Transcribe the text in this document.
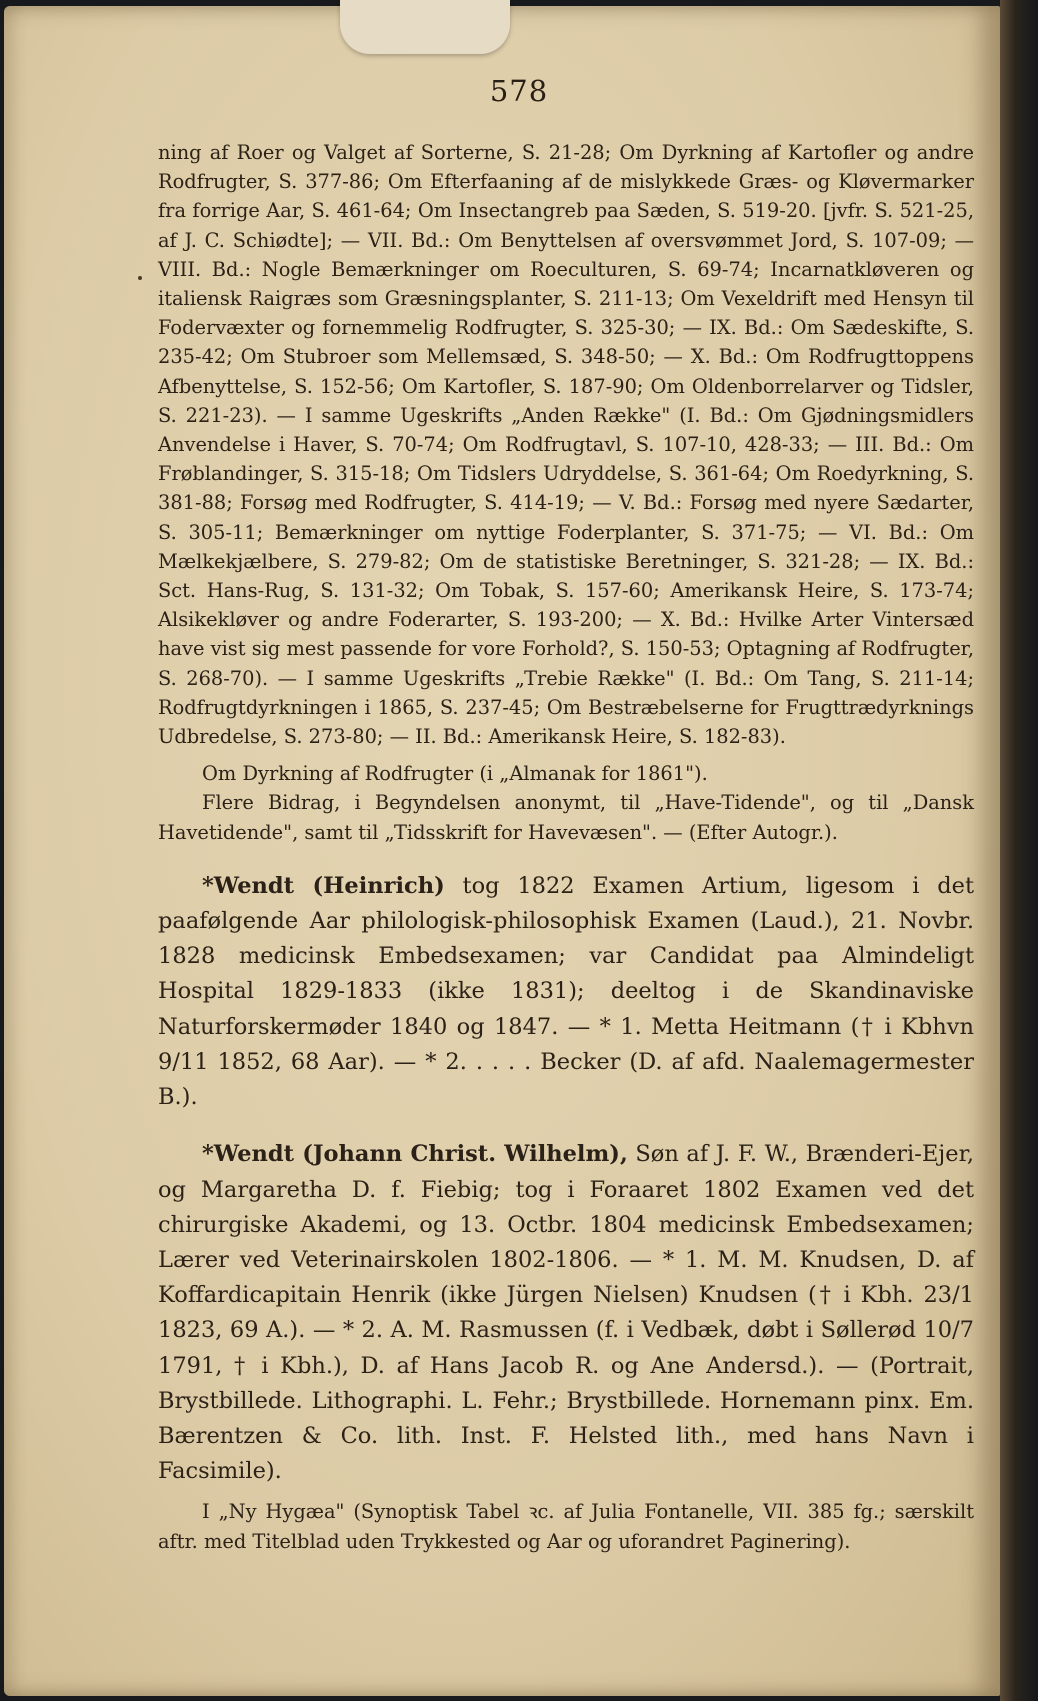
578

ning af Roer og Valget af Sorterne, S. 21-28; Om Dyrkning af Kartofler og andre Rodfrugter, S. 377-86; Om Efterfaaning af de mislykkede Græs- og Kløvermarker fra forrige Aar, S. 461-64; Om Insectangreb paa Sæden, S. 519-20. [jvfr. S. 521-25, af J. C. Schiødte]; — VII. Bd.: Om Benyttelsen af oversvømmet Jord, S. 107-09; — VIII. Bd.: Nogle Bemærkninger om Roeculturen, S. 69-74; Incarnatkløveren og italiensk Raigræs som Græsningsplanter, S. 211-13; Om Vexeldrift med Hensyn til Fodervæxter og fornemmelig Rodfrugter, S. 325-30; — IX. Bd.: Om Sædeskifte, S. 235-42; Om Stubroer som Mellemsæd, S. 348-50; — X. Bd.: Om Rodfrugttoppens Afbenyttelse, S. 152-56; Om Kartofler, S. 187-90; Om Oldenborrelarver og Tidsler, S. 221-23). — I samme Ugeskrifts „Anden Række" (I. Bd.: Om Gjødningsmidlers Anvendelse i Haver, S. 70-74; Om Rodfrugtavl, S. 107-10, 428-33; — III. Bd.: Om Frøblandinger, S. 315-18; Om Tidslers Udryddelse, S. 361-64; Om Roedyrkning, S. 381-88; Forsøg med Rodfrugter, S. 414-19; — V. Bd.: Forsøg med nyere Sædarter, S. 305-11; Bemærkninger om nyttige Foderplanter, S. 371-75; — VI. Bd.: Om Mælkekjælbere, S. 279-82; Om de statistiske Beretninger, S. 321-28; — IX. Bd.: Sct. Hans-Rug, S. 131-32; Om Tobak, S. 157-60; Amerikansk Heire, S. 173-74; Alsikekløver og andre Foderarter, S. 193-200; — X. Bd.: Hvilke Arter Vintersæd have vist sig mest passende for vore Forhold?, S. 150-53; Optagning af Rodfrugter, S. 268-70). — I samme Ugeskrifts „Trebie Række" (I. Bd.: Om Tang, S. 211-14; Rodfrugtdyrkningen i 1865, S. 237-45; Om Bestræbelserne for Frugttrædyrknings Udbredelse, S. 273-80; — II. Bd.: Amerikansk Heire, S. 182-83).

Om Dyrkning af Rodfrugter (i „Almanak for 1861").

Flere Bidrag, i Begyndelsen anonymt, til „Have-Tidende", og til „Dansk Havetidende", samt til „Tidsskrift for Havevæsen". — (Efter Autogr.).

*Wendt (Heinrich) tog 1822 Examen Artium, ligesom i det paafølgende Aar philologisk-philosophisk Examen (Laud.), 21. Novbr. 1828 medicinsk Embedsexamen; var Candidat paa Almindeligt Hospital 1829-1833 (ikke 1831); deeltog i de Skandinaviske Naturforskermøder 1840 og 1847. — * 1. Metta Heitmann († i Kbhvn 9/11 1852, 68 Aar). — * 2. . . . . Becker (D. af afd. Naalemagermester B.).

*Wendt (Johann Christ. Wilhelm), Søn af J. F. W., Brænderi-Ejer, og Margaretha D. f. Fiebig; tog i Foraaret 1802 Examen ved det chirurgiske Akademi, og 13. Octbr. 1804 medicinsk Embedsexamen; Lærer ved Veterinairskolen 1802-1806. — * 1. M. M. Knudsen, D. af Koffardicapitain Henrik (ikke Jürgen Nielsen) Knudsen († i Kbh. 23/1 1823, 69 A.). — * 2. A. M. Rasmussen (f. i Vedbæk, døbt i Søllerød 10/7 1791, † i Kbh.), D. af Hans Jacob R. og Ane Andersd.). — (Portrait, Brystbillede. Lithographi. L. Fehr.; Brystbillede. Hornemann pinx. Em. Bærentzen & Co. lith. Inst. F. Helsted lith., med hans Navn i Facsimile).

I „Ny Hygæa" (Synoptisk Tabel ꝛc. af Julia Fontanelle, VII. 385 fg.; særskilt aftr. med Titelblad uden Trykkested og Aar og uforandret Paginering).
